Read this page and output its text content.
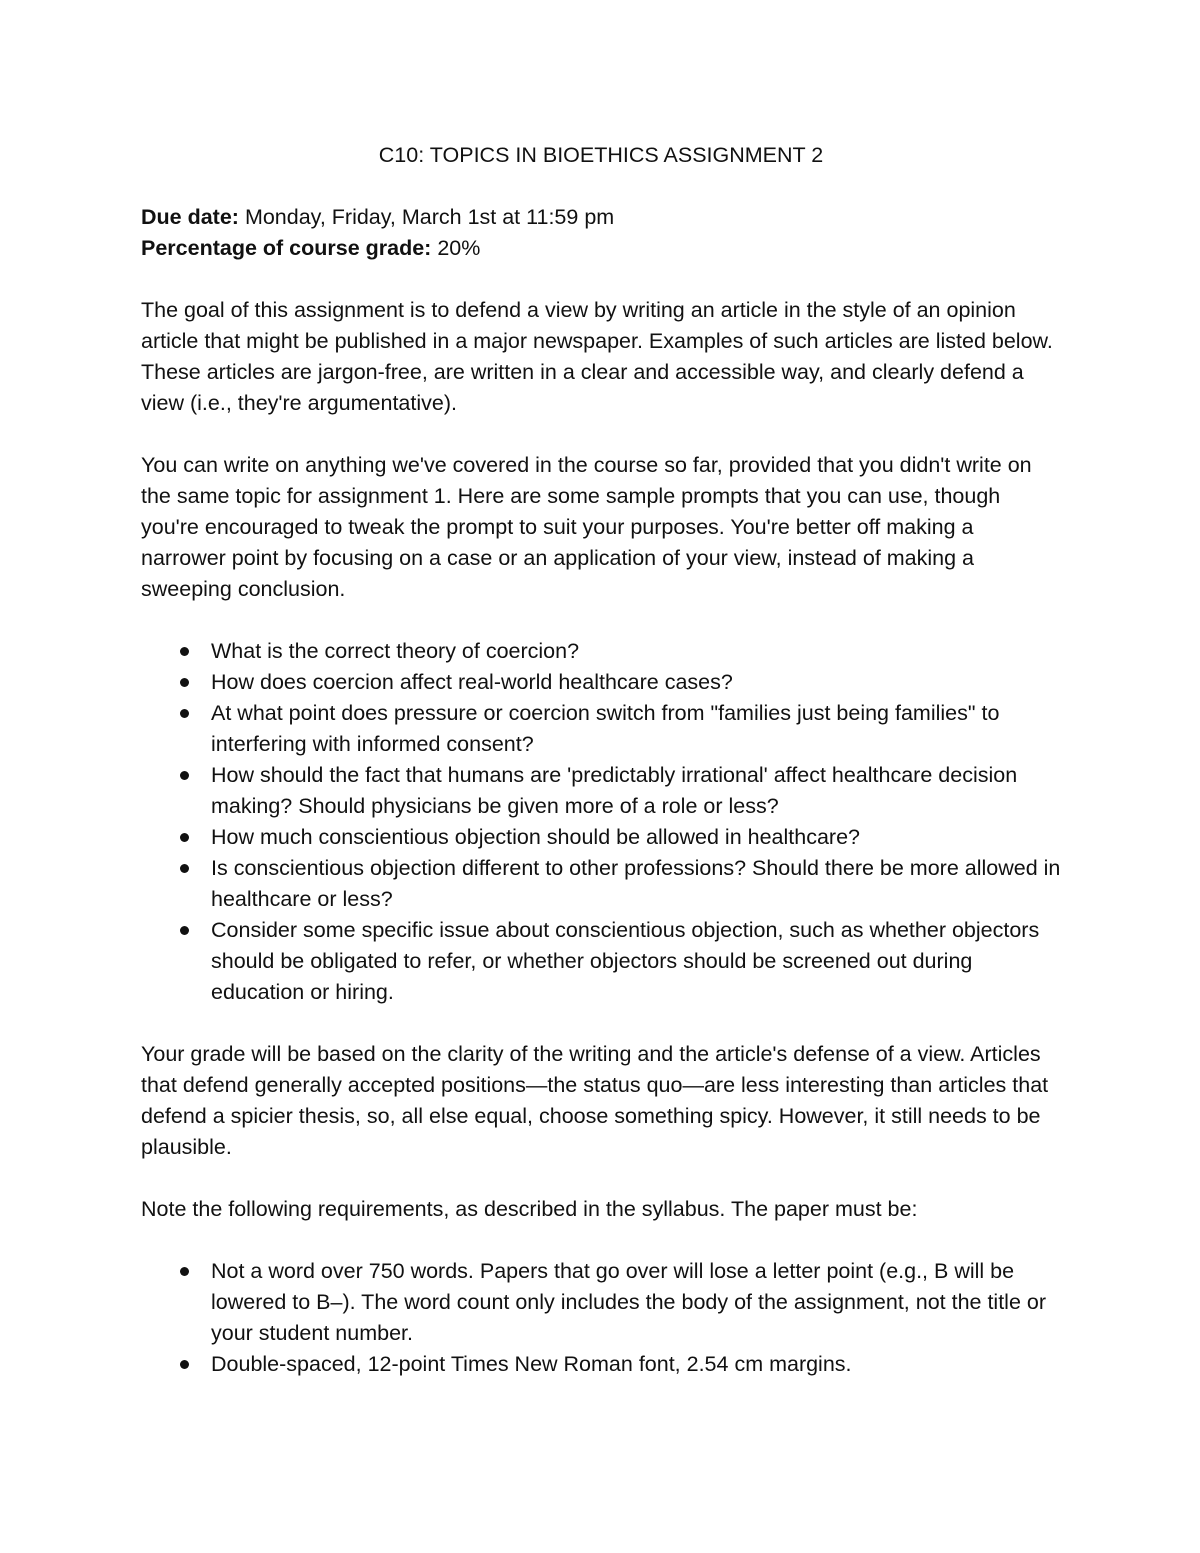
C10: TOPICS IN BIOETHICS ASSIGNMENT 2

Due date: Monday, Friday, March 1st at 11:59 pm

Percentage of course grade: 20%

The goal of this assignment is to defend a view by writing an article in the style of an opinion article that might be published in a major newspaper. Examples of such articles are listed below. These articles are jargon-free, are written in a clear and accessible way, and clearly defend a view (i.e., they're argumentative).

You can write on anything we've covered in the course so far, provided that you didn't write on the same topic for assignment 1. Here are some sample prompts that you can use, though you're encouraged to tweak the prompt to suit your purposes. You're better off making a narrower point by focusing on a case or an application of your view, instead of making a sweeping conclusion.

What is the correct theory of coercion?
How does coercion affect real-world healthcare cases?
At what point does pressure or coercion switch from "families just being families" to interfering with informed consent?
How should the fact that humans are 'predictably irrational' affect healthcare decision making? Should physicians be given more of a role or less?
How much conscientious objection should be allowed in healthcare?
Is conscientious objection different to other professions? Should there be more allowed in healthcare or less?
Consider some specific issue about conscientious objection, such as whether objectors should be obligated to refer, or whether objectors should be screened out during education or hiring.

Your grade will be based on the clarity of the writing and the article's defense of a view. Articles that defend generally accepted positions—the status quo—are less interesting than articles that defend a spicier thesis, so, all else equal, choose something spicy. However, it still needs to be plausible.

Note the following requirements, as described in the syllabus. The paper must be:

Not a word over 750 words. Papers that go over will lose a letter point (e.g., B will be lowered to B–). The word count only includes the body of the assignment, not the title or your student number.
Double-spaced, 12-point Times New Roman font, 2.54 cm margins.
